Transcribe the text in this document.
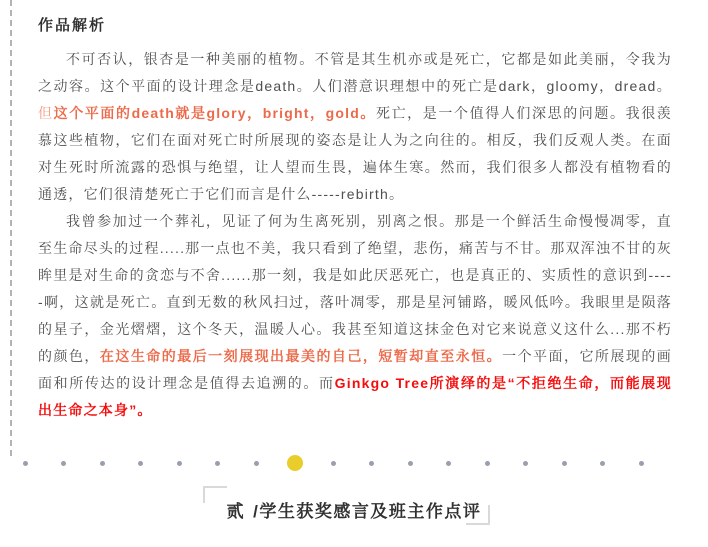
作品解析

不可否认，银杏是一种美丽的植物。不管是其生机亦或是死亡，它都是如此美丽，令我为之动容。这个平面的设计理念是death。人们潜意识理想中的死亡是dark，gloomy，dread。但这个平面的death就是glory，bright，gold。死亡，是一个值得人们深思的问题。我很羡慕这些植物，它们在面对死亡时所展现的姿态是让人为之向往的。相反，我们反观人类。在面对生死时所流露的恐惧与绝望，让人望而生畏，遍体生寒。然而，我们很多人都没有植物看的通透，它们很清楚死亡于它们而言是什么-----rebirth。

我曾参加过一个葬礼，见证了何为生离死别，别离之恨。那是一个鲜活生命慢慢凋零，直至生命尽头的过程.....那一点也不美，我只看到了绝望，悲伤，痛苦与不甘。那双浑浊不甘的灰眸里是对生命的贪恋与不舍......那一刻，我是如此厌恶死亡，也是真正的、实质性的意识到-----啊，这就是死亡。直到无数的秋风扫过，落叶凋零，那是星河铺路，暖风低吟。我眼里是陨落的星子，金光熠熠，这个冬天，温暖人心。我甚至知道这抹金色对它来说意义这什么...那不朽的颜色，在这生命的最后一刻展现出最美的自己，短暂却直至永恒。一个平面，它所展现的画面和所传达的设计理念是值得去追溯的。而Ginkgo Tree所演绎的是“不拒绝生命，而能展现出生命之本身”。

贰 /学生获奖感言及班主作点评
